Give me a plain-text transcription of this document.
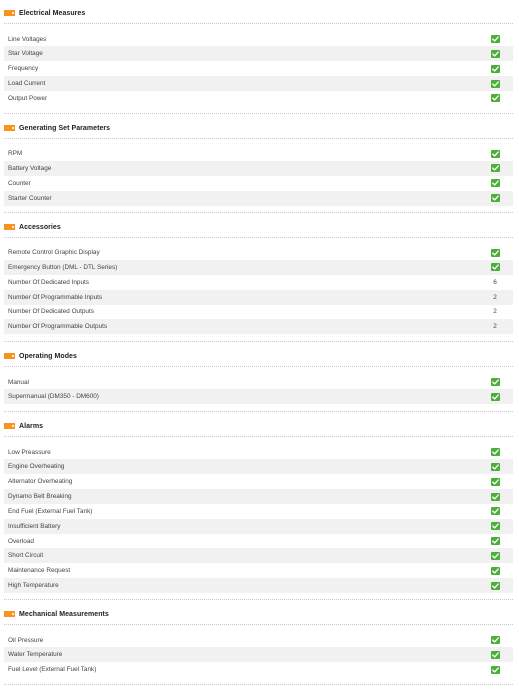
Electrical Measures
Line Voltages
Star Voltage
Frequency
Load Current
Output Power
Generating Set Parameters
RPM
Battery Voltage
Counter
Starter Counter
Accessories
Remote Control Graphic Display
Emergency Button (DML - DTL Series)
Number Of Dedicated Inputs	6
Number Of Programmable Inputs	2
Number Of Dedicated Outputs	2
Number Of Programmable Outputs	2
Operating Modes
Manual
Supermanual (DM350 - DM600)
Alarms
Low Preassure
Engine Overheating
Alternator Overheating
Dynamo Belt Breaking
End Fuel (External Fuel Tank)
Insufficient Battery
Overload
Short Circuit
Maintenance Request
High Temperature
Mechanical Measurements
Oil Pressure
Water Temperature
Fuel Level (External Fuel Tank)
